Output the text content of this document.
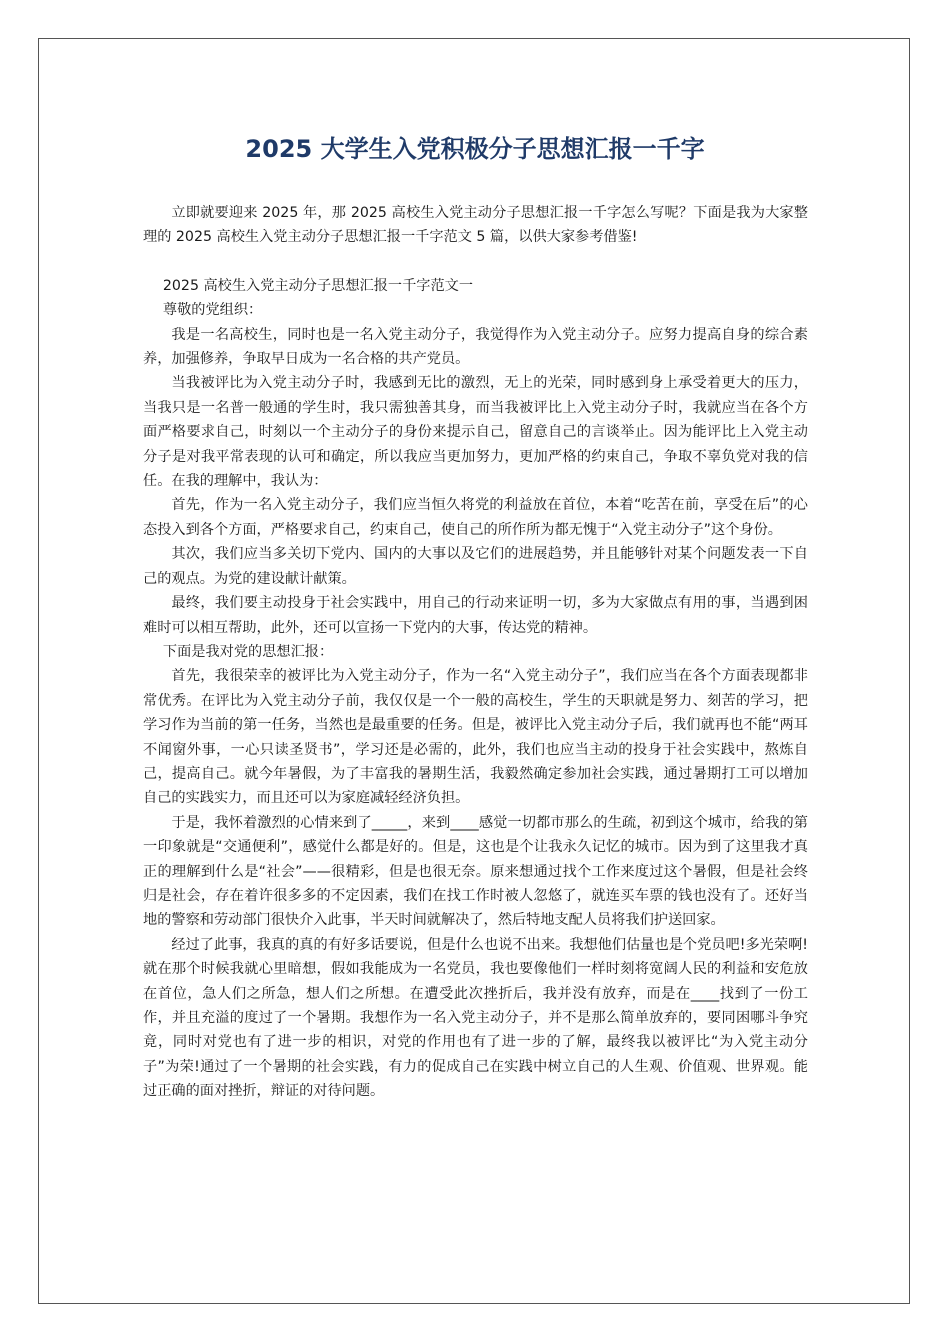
2025 大学生入党积极分子思想汇报一千字

立即就要迎来 2025 年，那 2025 高校生入党主动分子思想汇报一千字怎么写呢？下面是我为大家整理的 2025 高校生入党主动分子思想汇报一千字范文 5 篇，以供大家参考借鉴!

2025 高校生入党主动分子思想汇报一千字范文一

尊敬的党组织：

我是一名高校生，同时也是一名入党主动分子，我觉得作为入党主动分子。应努力提高自身的综合素养，加强修养，争取早日成为一名合格的共产党员。

当我被评比为入党主动分子时，我感到无比的激烈，无上的光荣，同时感到身上承受着更大的压力，当我只是一名普一般通的学生时，我只需独善其身，而当我被评比上入党主动分子时，我就应当在各个方面严格要求自己，时刻以一个主动分子的身份来提示自己，留意自己的言谈举止。因为能评比上入党主动分子是对我平常表现的认可和确定，所以我应当更加努力，更加严格的约束自己，争取不辜负党对我的信任。在我的理解中，我认为：

首先，作为一名入党主动分子，我们应当恒久将党的利益放在首位，本着“吃苦在前，享受在后”的心态投入到各个方面，严格要求自己，约束自己，使自己的所作所为都无愧于“入党主动分子”这个身份。

其次，我们应当多关切下党内、国内的大事以及它们的进展趋势，并且能够针对某个问题发表一下自己的观点。为党的建设献计献策。

最终，我们要主动投身于社会实践中，用自己的行动来证明一切，多为大家做点有用的事，当遇到困难时可以相互帮助，此外，还可以宣扬一下党内的大事，传达党的精神。

下面是我对党的思想汇报：

首先，我很荣幸的被评比为入党主动分子，作为一名“入党主动分子”，我们应当在各个方面表现都非常优秀。在评比为入党主动分子前，我仅仅是一个一般的高校生，学生的天职就是努力、刻苦的学习，把学习作为当前的第一任务，当然也是最重要的任务。但是，被评比入党主动分子后，我们就再也不能“两耳不闻窗外事，一心只读圣贤书”，学习还是必需的，此外，我们也应当主动的投身于社会实践中，熬炼自己，提高自己。就今年暑假，为了丰富我的暑期生活，我毅然确定参加社会实践，通过暑期打工可以增加自己的实践实力，而且还可以为家庭减轻经济负担。

于是，我怀着激烈的心情来到了_____，来到____感觉一切都市那么的生疏，初到这个城市，给我的第一印象就是“交通便利”，感觉什么都是好的。但是，这也是个让我永久记忆的城市。因为到了这里我才真正的理解到什么是“社会”——很精彩，但是也很无奈。原来想通过找个工作来度过这个暑假，但是社会终归是社会，存在着许很多多的不定因素，我们在找工作时被人忽悠了，就连买车票的钱也没有了。还好当地的警察和劳动部门很快介入此事，半天时间就解决了，然后特地支配人员将我们护送回家。

经过了此事，我真的真的有好多话要说，但是什么也说不出来。我想他们估量也是个党员吧!多光荣啊!就在那个时候我就心里暗想，假如我能成为一名党员，我也要像他们一样时刻将宽阔人民的利益和安危放在首位，急人们之所急，想人们之所想。在遭受此次挫折后，我并没有放弃，而是在____找到了一份工作，并且充溢的度过了一个暑期。我想作为一名入党主动分子，并不是那么简单放弃的，要同困哪斗争究竟，同时对党也有了进一步的相识，对党的作用也有了进一步的了解，最终我以被评比“为入党主动分子”为荣!通过了一个暑期的社会实践，有力的促成自己在实践中树立自己的人生观、价值观、世界观。能过正确的面对挫折，辩证的对待问题。
